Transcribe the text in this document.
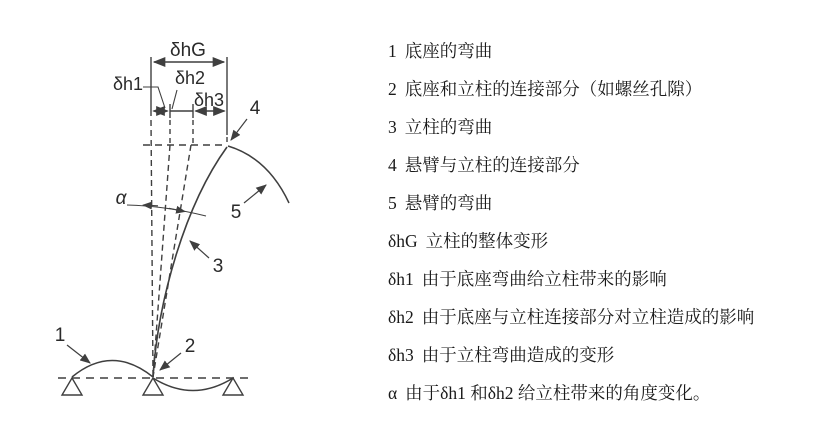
δhG
δh1 δh2
δh3
α
1
2
3
4
5
1 底座的弯曲
2 底座和立柱的连接部分（如螺丝孔隙）
3 立柱的弯曲
4 悬臂与立柱的连接部分
5 悬臂的弯曲
δhG 立柱的整体变形
δh1 由于底座弯曲给立柱带来的影响
δh2 由于底座与立柱连接部分对立柱造成的影响
δh3 由于立柱弯曲造成的变形
α 由于δh1 和δh2 给立柱带来的角度变化。
